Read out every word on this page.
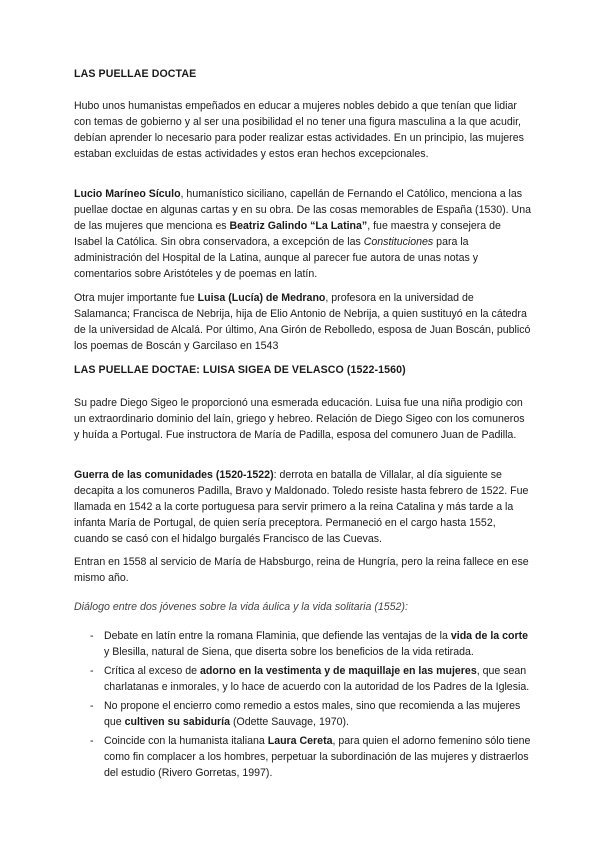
LAS PUELLAE DOCTAE

Hubo unos humanistas empeñados en educar a mujeres nobles debido a que tenían que lidiar con temas de gobierno y al ser una posibilidad el no tener una figura masculina a la que acudir, debían aprender lo necesario para poder realizar estas actividades. En un principio, las mujeres estaban excluidas de estas actividades y estos eran hechos excepcionales.

Lucio Maríneo Sículo, humanístico siciliano, capellán de Fernando el Católico, menciona a las puellae doctae en algunas cartas y en su obra. De las cosas memorables de España (1530). Una de las mujeres que menciona es Beatriz Galindo “La Latina”, fue maestra y consejera de Isabel la Católica. Sin obra conservadora, a excepción de las Constituciones para la administración del Hospital de la Latina, aunque al parecer fue autora de unas notas y comentarios sobre Aristóteles y de poemas en latín.

Otra mujer importante fue Luisa (Lucía) de Medrano, profesora en la universidad de Salamanca; Francisca de Nebrija, hija de Elio Antonio de Nebrija, a quien sustituyó en la cátedra de la universidad de Alcalá. Por último, Ana Girón de Rebolledo, esposa de Juan Boscán, publicó los poemas de Boscán y Garcilaso en 1543

LAS PUELLAE DOCTAE: LUISA SIGEA DE VELASCO (1522-1560)

Su padre Diego Sigeo le proporcionó una esmerada educación. Luisa fue una niña prodigio con un extraordinario dominio del laín, griego y hebreo. Relación de Diego Sigeo con los comuneros y huída a Portugal. Fue instructora de María de Padilla, esposa del comunero Juan de Padilla.

Guerra de las comunidades (1520-1522): derrota en batalla de Villalar, al día siguiente se decapita a los comuneros Padilla, Bravo y Maldonado. Toledo resiste hasta febrero de 1522. Fue llamada en 1542 a la corte portuguesa para servir primero a la reina Catalina y más tarde a la infanta María de Portugal, de quien sería preceptora. Permaneció en el cargo hasta 1552, cuando se casó con el hidalgo burgalés Francisco de las Cuevas.

Entran en 1558 al servicio de María de Habsburgo, reina de Hungría, pero la reina fallece en ese mismo año.

Diálogo entre dos jóvenes sobre la vida áulica y la vida solitaria (1552):

- Debate en latín entre la romana Flaminia, que defiende las ventajas de la vida de la corte y Blesilla, natural de Siena, que diserta sobre los beneficios de la vida retirada.
- Crítica al exceso de adorno en la vestimenta y de maquillaje en las mujeres, que sean charlatanas e inmorales, y lo hace de acuerdo con la autoridad de los Padres de la Iglesia.
- No propone el encierro como remedio a estos males, sino que recomienda a las mujeres que cultiven su sabiduría (Odette Sauvage, 1970).
- Coincide con la humanista italiana Laura Cereta, para quien el adorno femenino sólo tiene como fin complacer a los hombres, perpetuar la subordinación de las mujeres y distraerlos del estudio (Rivero Gorretas, 1997).
